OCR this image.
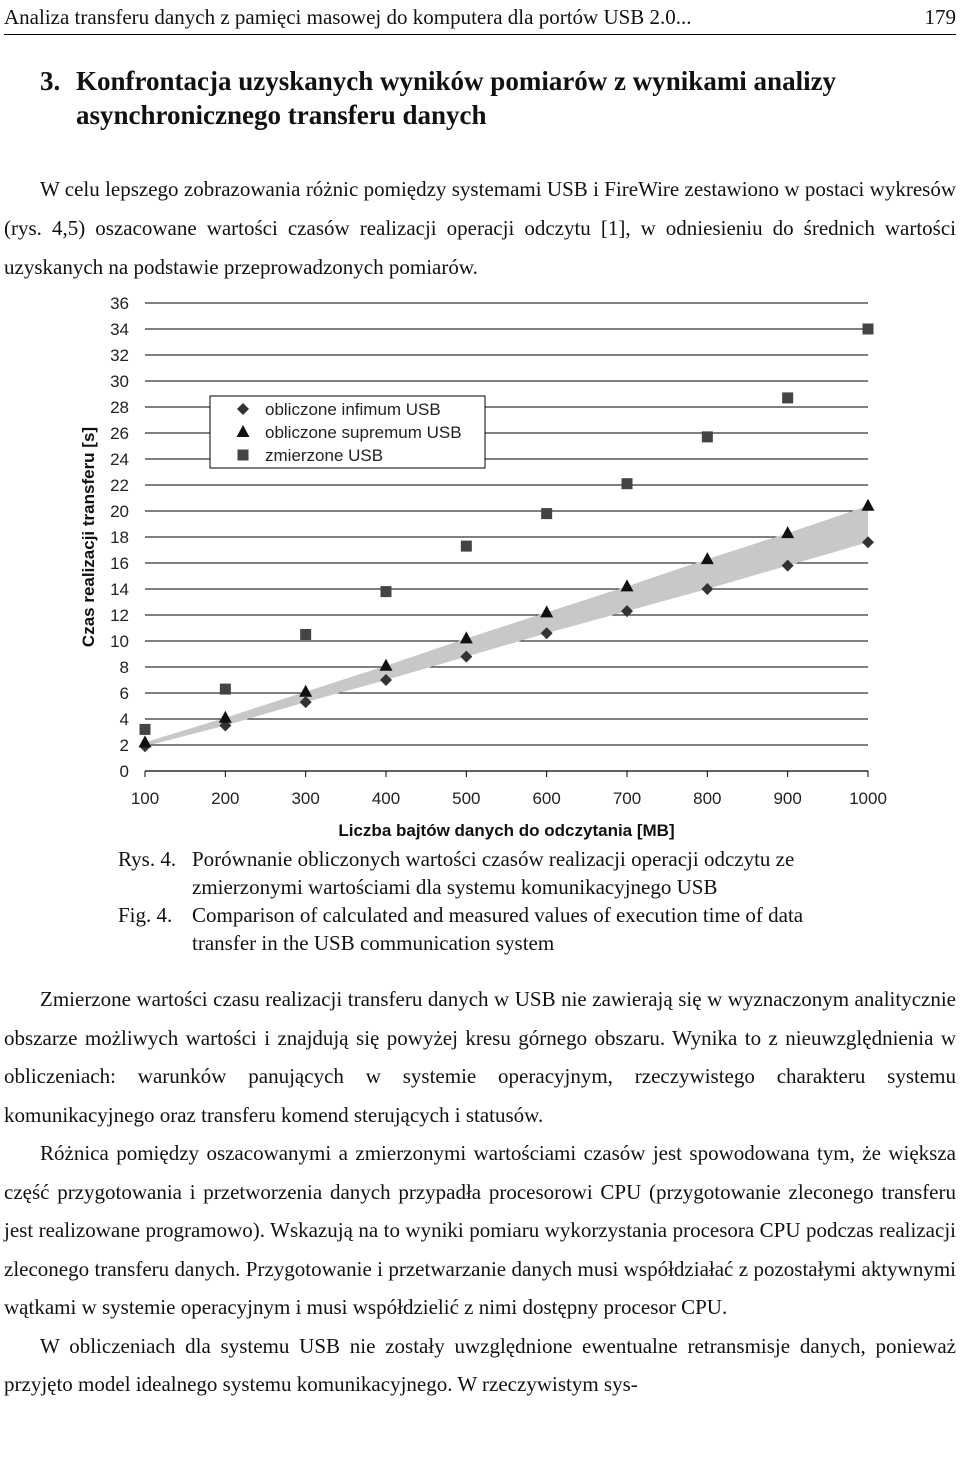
Analiza transferu danych z pamięci masowej do komputera dla portów USB 2.0...	179
3. Konfrontacja uzyskanych wyników pomiarów z wynikami analizy asynchronicznego transferu danych

W celu lepszego zobrazowania różnic pomiędzy systemami USB i FireWire zestawiono w postaci wykresów (rys. 4,5) oszacowane wartości czasów realizacji operacji odczytu [1], w odniesieniu do średnich wartości uzyskanych na podstawie przeprowadzonych pomiarów.

0
2
4
6
8
10
12
14
16
18
20
22
24
26
28
30
32
34
36
100	200	300	400	500	600	700	800	900	1000
Liczba bajtów danych do odczytania [MB]
Czas realizacji transferu [s]
obliczone infimum USB
obliczone supremum USB
zmierzone USB
Rys. 4. Porównanie obliczonych wartości czasów realizacji operacji odczytu ze zmierzonymi wartościami dla systemu komunikacyjnego USB
Fig. 4. Comparison of calculated and measured values of execution time of data transfer in the USB communication system

Zmierzone wartości czasu realizacji transferu danych w USB nie zawierają się w wyznaczonym analitycznie obszarze możliwych wartości i znajdują się powyżej kresu górnego obszaru. Wynika to z nieuwzględnienia w obliczeniach: warunków panujących w systemie operacyjnym, rzeczywistego charakteru systemu komunikacyjnego oraz transferu komend sterujących i statusów.

Różnica pomiędzy oszacowanymi a zmierzonymi wartościami czasów jest spowodowana tym, że większa część przygotowania i przetworzenia danych przypadła procesorowi CPU (przygotowanie zleconego transferu jest realizowane programowo). Wskazują na to wyniki pomiaru wykorzystania procesora CPU podczas realizacji zleconego transferu danych. Przygotowanie i przetwarzanie danych musi współdziałać z pozostałymi aktywnymi wątkami w systemie operacyjnym i musi współdzielić z nimi dostępny procesor CPU.

W obliczeniach dla systemu USB nie zostały uwzględnione ewentualne retransmisje danych, ponieważ przyjęto model idealnego systemu komunikacyjnego. W rzeczywistym sys-
